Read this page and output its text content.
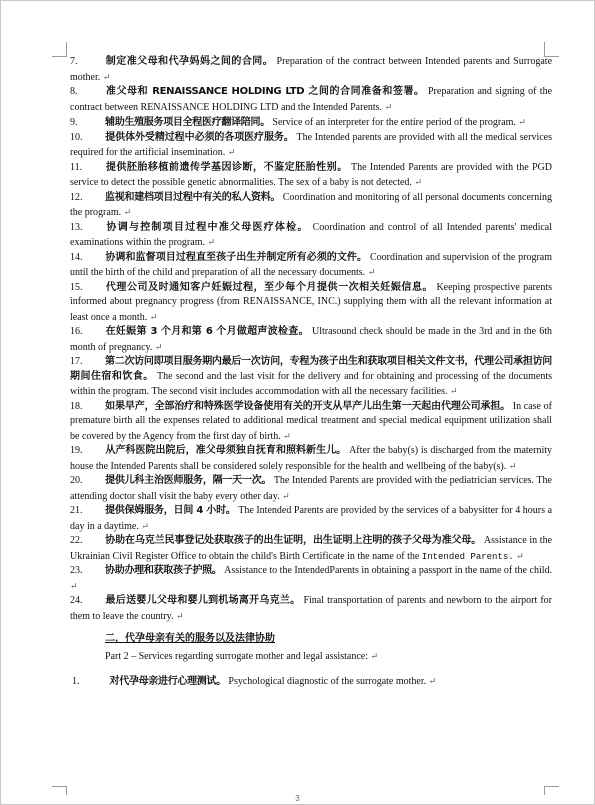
7.	制定准父母和代孕妈妈之间的合同。 Preparation of the contract between Intended parents and Surrogate mother. ↵
8.	准父母和 RENAISSANCE HOLDING LTD 之间的合同准备和签署。 Preparation and signing of the contract between RENAISSANCE HOLDING LTD and the Intended Parents. ↵
9.	辅助生殖服务项目全程医疗翻译陪同。 Service of an interpreter for the entire period of the program. ↵
10. 提供体外受精过程中必须的各项医疗服务。 The Intended parents are provided with all the medical services required for the artificial insemination. ↵
11. 提供胚胎移植前遗传学基因诊断，不鉴定胚胎性别。 The Intended Parents are provided with the PGD service to detect the possible genetic abnormalities. The sex of a baby is not detected. ↵
12. 监视和建档项目过程中有关的私人资料。 Coordination and monitoring of all personal documents concerning the program. ↵
13. 协调与控制项目过程中准父母医疗体检。 Coordination and control of all Intended parents' medical examinations within the program. ↵
14. 协调和监督项目过程直至孩子出生并制定所有必须的文件。 Coordination and supervision of the program until the birth of the child and preparation of all the necessary documents. ↵
15. 代理公司及时通知客户妊娠过程，至少每个月提供一次相关妊娠信息。 Keeping prospective parents informed about pregnancy progress (from RENAISSANCE, INC.) supplying them with all the relevant information at least once a month. ↵
16. 在妊娠第 3 个月和第 6 个月做超声波检查。 Ultrasound check should be made in the 3rd and in the 6th month of pregnancy. ↵
17. 第二次访问即项目服务期内最后一次访问，专程为孩子出生和获取项目相关文件文书，代理公司承担访问期间住宿和饮食。 The second and the last visit for the delivery and for obtaining and processing of the documents within the program. The second visit includes accommodation with all the necessary facilities. ↵
18. 如果早产，全部治疗和特殊医学设备使用有关的开支从早产儿出生第一天起由代理公司承担。 In case of premature birth all the expenses related to additional medical treatment and special medical equipment utilization shall be covered by the Agency from the first day of birth. ↵
19. 从产科医院出院后，准父母须独自抚育和照料新生儿。 After the baby(s) is discharged from the maternity house the Intended Parents shall be considered solely responsible for the health and wellbeing of the baby(s). ↵
20. 提供儿科主治医师服务，隔一天一次。 The Intended Parents are provided with the pediatrician services. The attending doctor shall visit the baby every other day. ↵
21. 提供保姆服务，日间 4 小时。 The Intended Parents are provided by the services of a babysitter for 4 hours a day in a daytime. ↵
22. 协助在乌克兰民事登记处获取孩子的出生证明，出生证明上注明的孩子父母为准父母。 Assistance in the Ukrainian Civil Register Office to obtain the child's Birth Certificate in the name of the Intended Parents. ↵
23. 协助办理和获取孩子护照。 Assistance to the IntendedParents in obtaining a passport in the name of the child. ↵
24. 最后送婴儿父母和婴儿到机场离开乌克兰。 Final transportation of parents and newborn to the airport for them to leave the country. ↵
二，代孕母亲有关的服务以及法律协助
Part 2 – Services regarding surrogate mother and legal assistance: ↵
1.	对代孕母亲进行心理测试。 Psychological diagnostic of the surrogate mother. ↵
3
